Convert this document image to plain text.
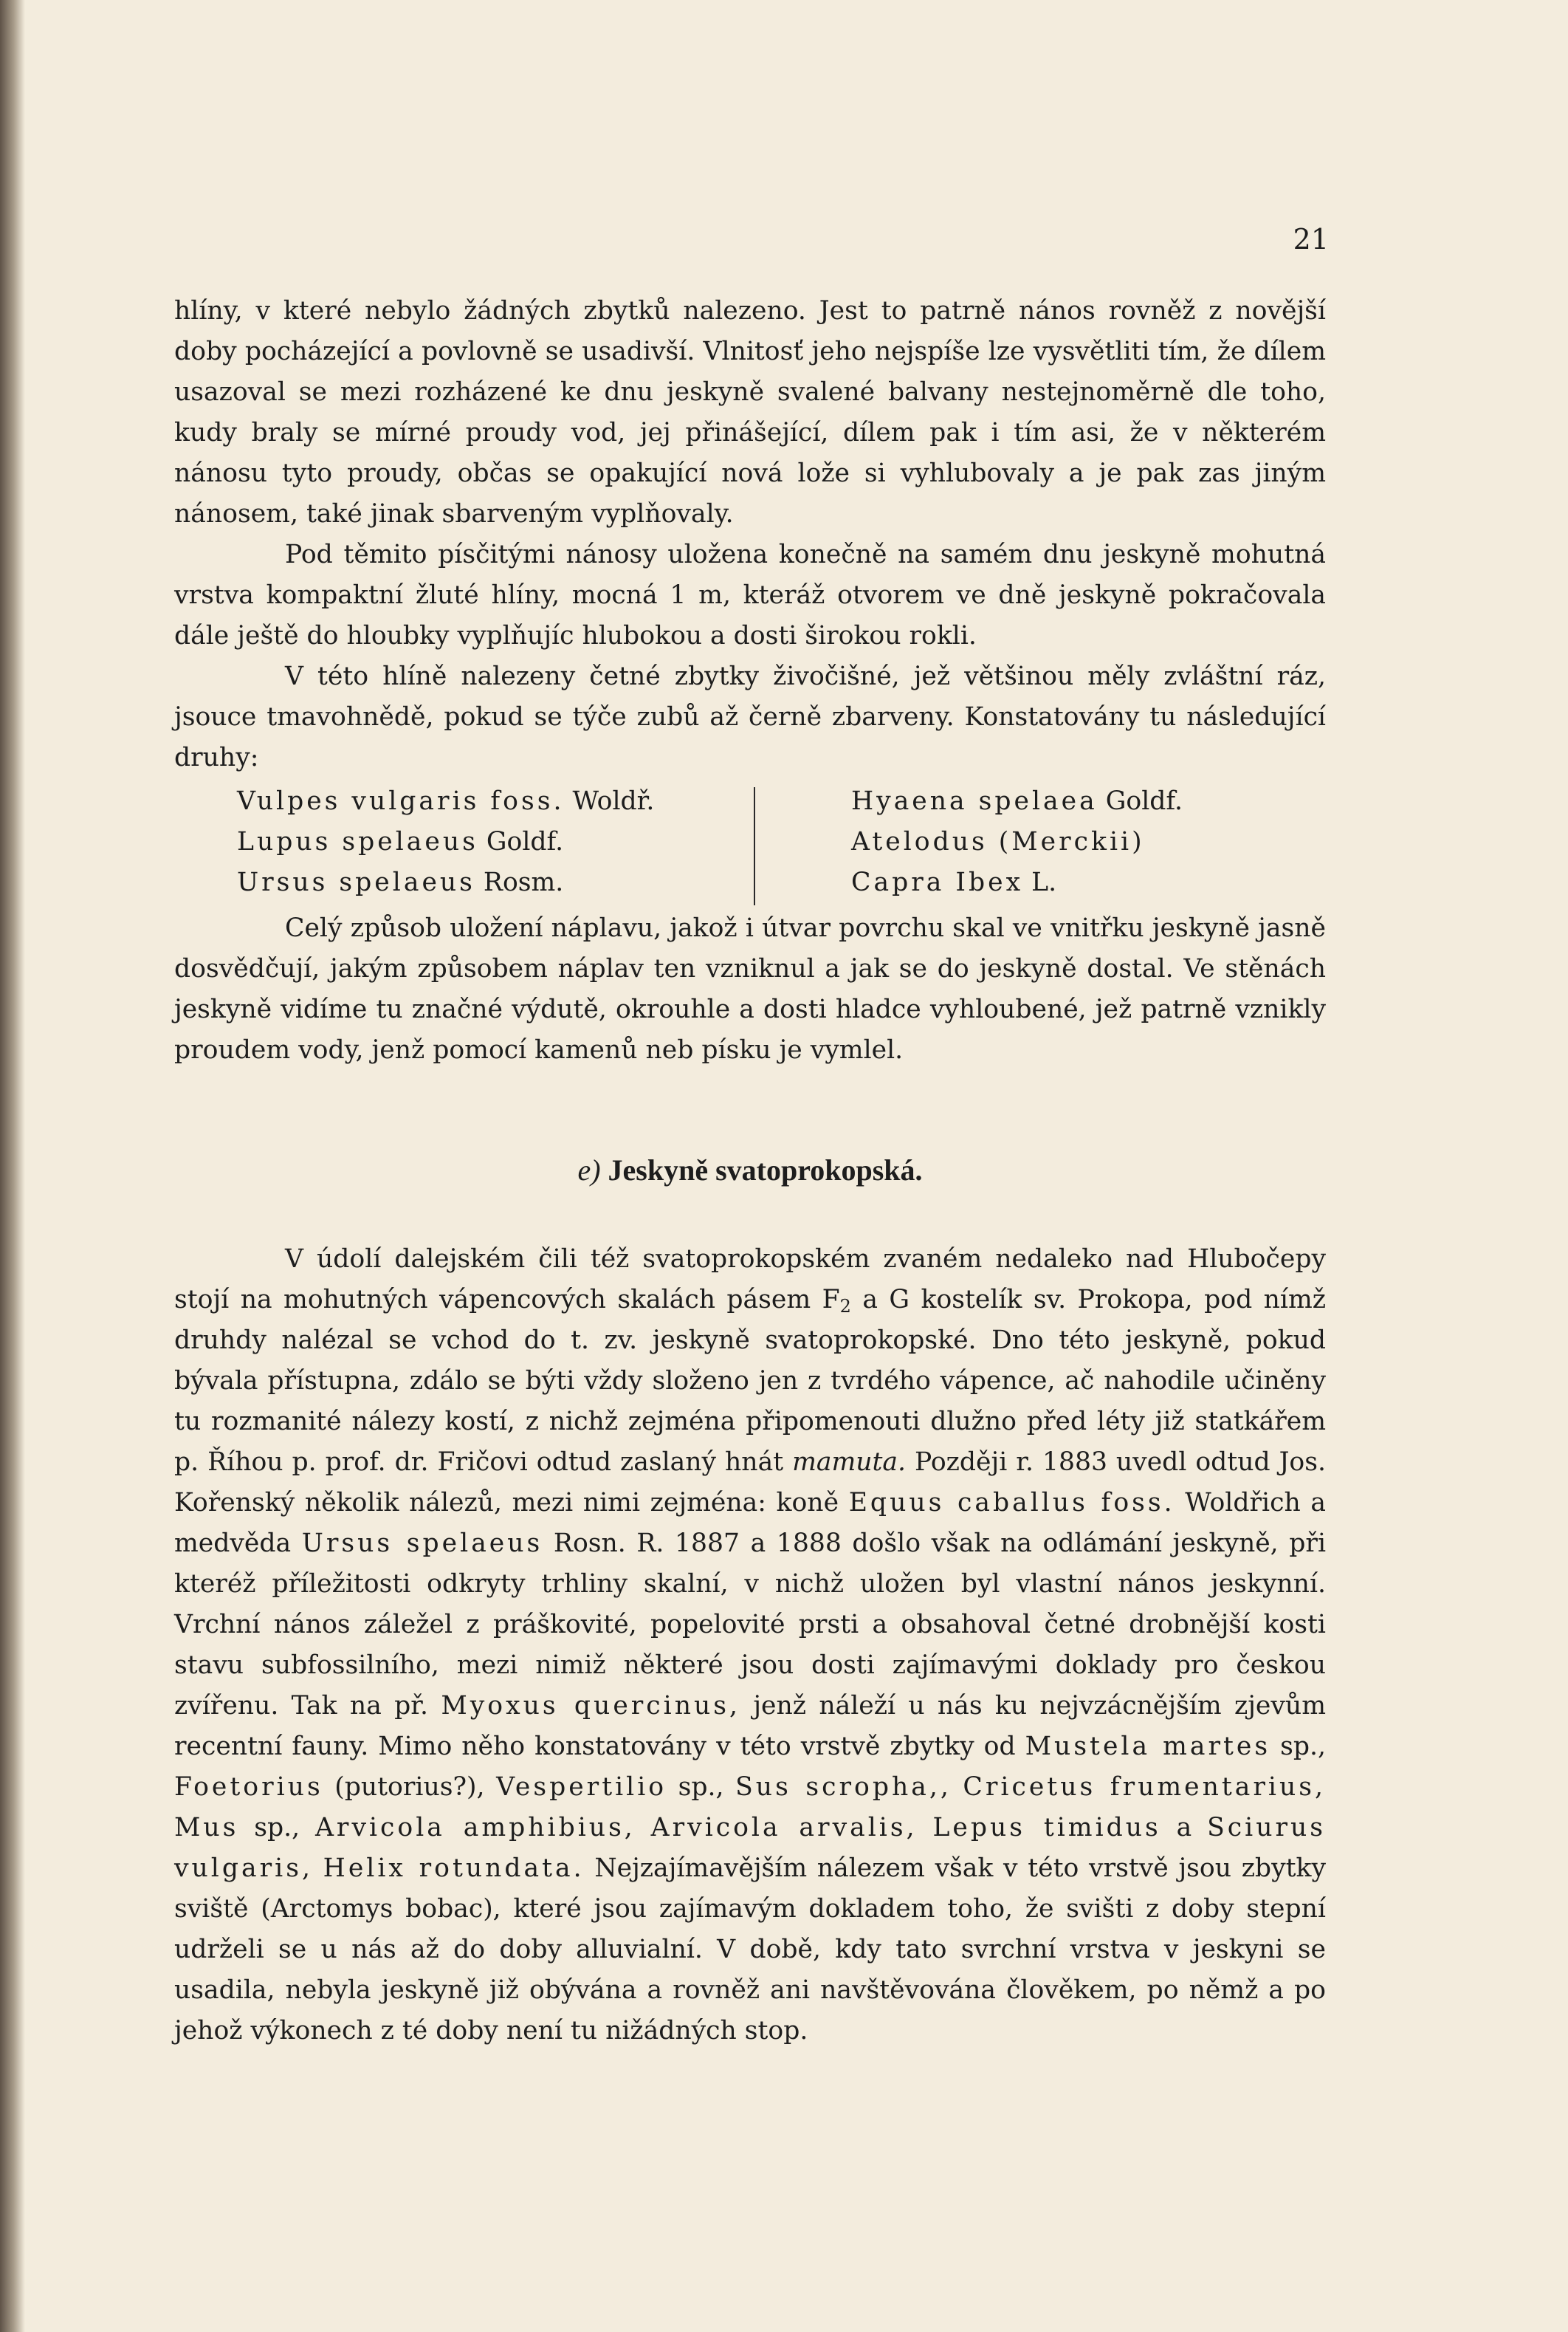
21

hlíny, v které nebylo žádných zbytků nalezeno. Jest to patrně nános rovněž z novější doby pocházející a povlovně se usadivší. Vlnitosť jeho nejspíše lze vysvětliti tím, že dílem usazoval se mezi rozházené ke dnu jeskyně svalené balvany nestejnoměrně dle toho, kudy braly se mírné proudy vod, jej přinášející, dílem pak i tím asi, že v některém nánosu tyto proudy, občas se opakující nová lože si vyhlubovaly a je pak zas jiným nánosem, také jinak sbarveným vyplňovaly.

Pod těmito písčitými nánosy uložena konečně na samém dnu jeskyně mohutná vrstva kompaktní žluté hlíny, mocná 1 m, kteráž otvorem ve dně jeskyně pokračovala dále ještě do hloubky vyplňujíc hlubokou a dosti širokou rokli.

V této hlíně nalezeny četné zbytky živočišné, jež většinou měly zvláštní ráz, jsouce tmavohnědě, pokud se týče zubů až černě zbarveny. Konstatovány tu následující druhy:

Vulpes vulgaris foss. Woldř.
Lupus spelaeus Goldf.
Ursus spelaeus Rosm.
Hyaena spelaea Goldf.
Atelodus (Merckii)
Capra Ibex L.

Celý způsob uložení náplavu, jakož i útvar povrchu skal ve vnitřku jeskyně jasně dosvědčují, jakým způsobem náplav ten vzniknul a jak se do jeskyně dostal. Ve stěnách jeskyně vidíme tu značné výdutě, okrouhle a dosti hladce vyhloubené, jež patrně vznikly proudem vody, jenž pomocí kamenů neb písku je vymlel.

e) Jeskyně svatoprokopská.

V údolí dalejském čili též svatoprokopském zvaném nedaleko nad Hlubočepy stojí na mohutných vápencových skalách pásem $F_2$ a G kostelík sv. Prokopa, pod nímž druhdy nalézal se vchod do t. zv. jeskyně svatoprokopské. Dno této jeskyně, pokud bývala přístupna, zdálo se býti vždy složeno jen z tvrdého vápence, ač nahodile učiněny tu rozmanité nálezy kostí, z nichž zejména připomenouti dlužno před léty již statkářem p. Říhou p. prof. dr. Fričovi odtud zaslaný hnát mamuta. Později r. 1883 uvedl odtud Jos. Kořenský několik nálezů, mezi nimi zejména: koně Equus caballus foss. Woldřich a medvěda Ursus spelaeus Rosn. R. 1887 a 1888 došlo však na odlámání jeskyně, při kteréž příležitosti odkryty trhliny skalní, v nichž uložen byl vlastní nános jeskynní. Vrchní nános záležel z práškovité, popelovité prsti a obsahoval četné drobnější kosti stavu subfossilního, mezi nimiž některé jsou dosti zajímavými doklady pro českou zvířenu. Tak na př. Myoxus quercinus, jenž náleží u nás ku nejvzácnějším zjevům recentní fauny. Mimo něho konstatovány v této vrstvě zbytky od Mustela martes sp., Foetorius (putorius?), Vespertilio sp., Sus scropha,, Cricetus frumentarius, Mus sp., Arvicola amphibius, Arvicola arvalis, Lepus timidus a Sciurus vulgaris, Helix rotundata. Nejzajímavějším nálezem však v této vrstvě jsou zbytky sviště (Arctomys bobac), které jsou zajímavým dokladem toho, že svišti z doby stepní udrželi se u nás až do doby alluvialní. V době, kdy tato svrchní vrstva v jeskyni se usadila, nebyla jeskyně již obývána a rovněž ani navštěvována člověkem, po němž a po jehož výkonech z té doby není tu nižádných stop.
